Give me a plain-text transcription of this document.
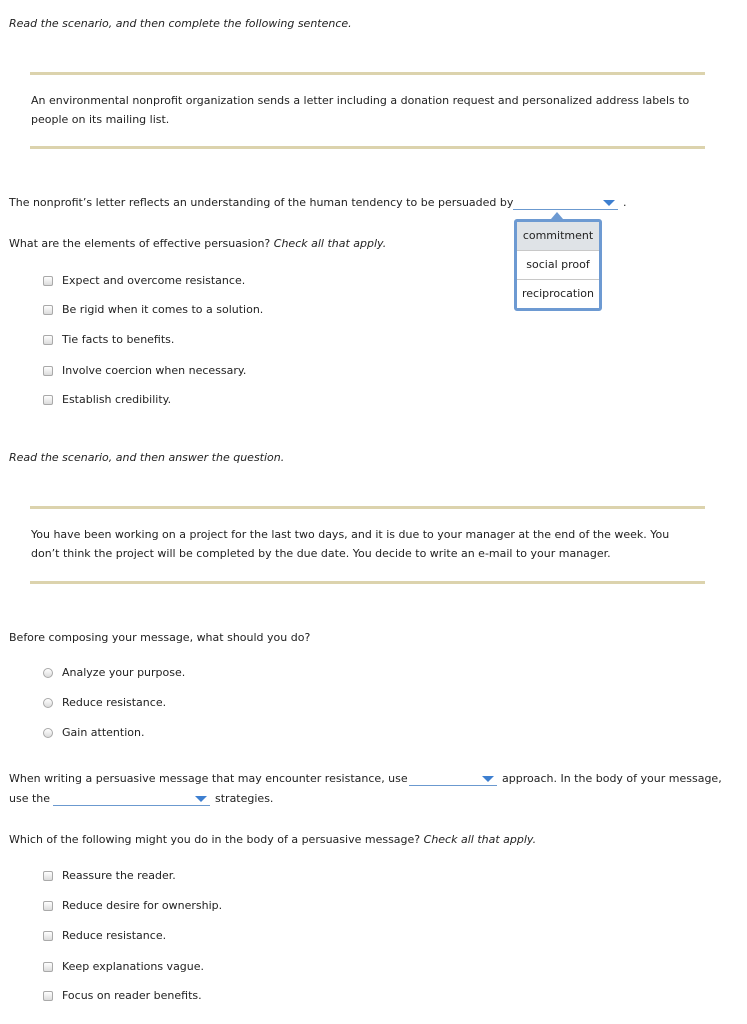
Read the scenario, and then complete the following sentence.
An environmental nonprofit organization sends a letter including a donation request and personalized address labels to people on its mailing list.
The nonprofit’s letter reflects an understanding of the human tendency to be persuaded by	.
commitment
social proof
reciprocation
What are the elements of effective persuasion? Check all that apply.
Expect and overcome resistance.
Be rigid when it comes to a solution.
Tie facts to benefits.
Involve coercion when necessary.
Establish credibility.
Read the scenario, and then answer the question.
You have been working on a project for the last two days, and it is due to your manager at the end of the week. You don’t think the project will be completed by the due date. You decide to write an e-mail to your manager.
Before composing your message, what should you do?
Analyze your purpose.
Reduce resistance.
Gain attention.
When writing a persuasive message that may encounter resistance, use	approach. In the body of your message,
use the	strategies.
Which of the following might you do in the body of a persuasive message? Check all that apply.
Reassure the reader.
Reduce desire for ownership.
Reduce resistance.
Keep explanations vague.
Focus on reader benefits.
